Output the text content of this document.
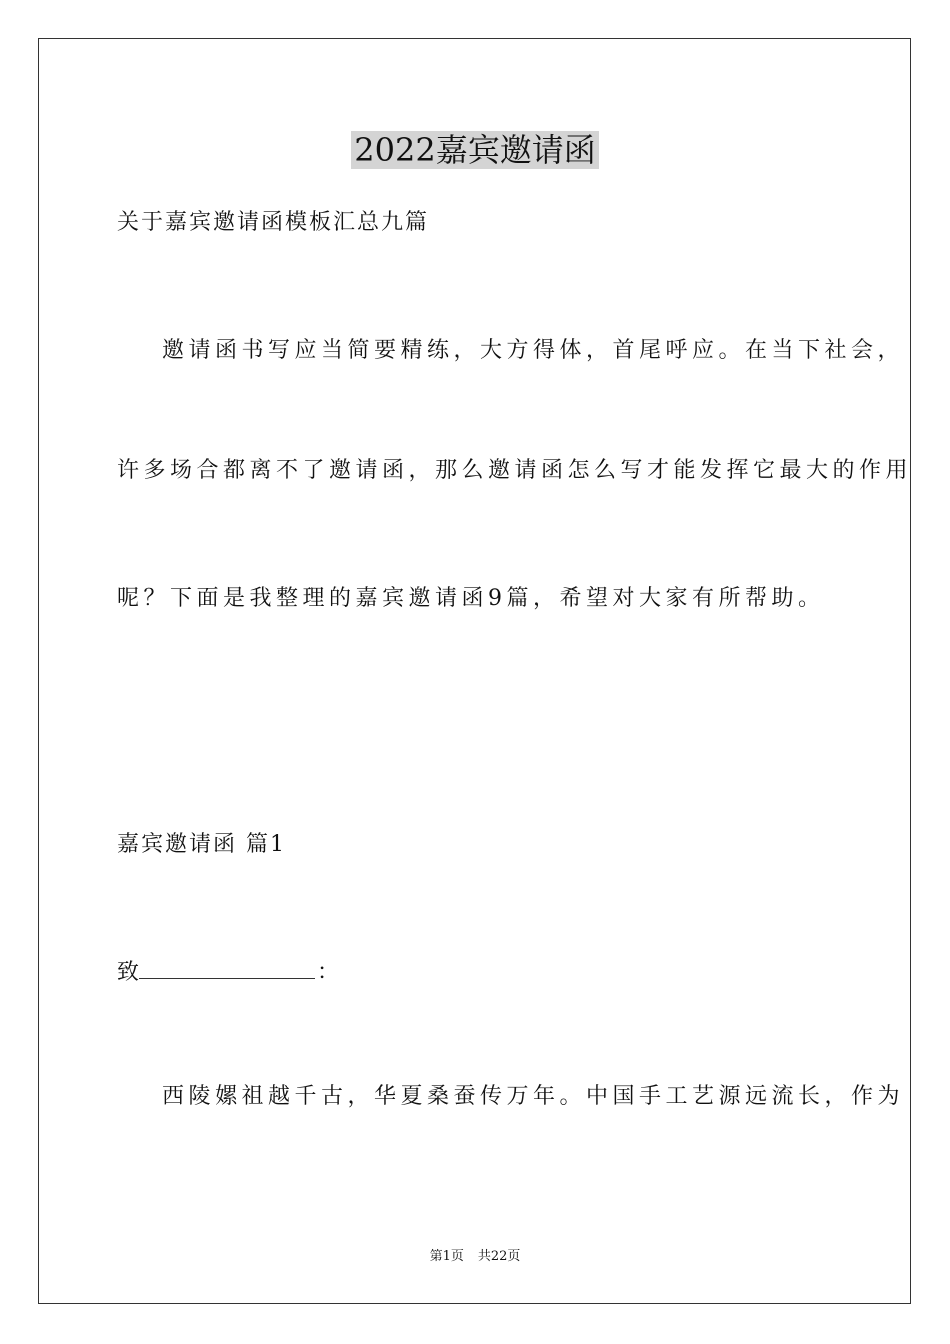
2022嘉宾邀请函

关于嘉宾邀请函模板汇总九篇

邀请函书写应当简要精练，大方得体，首尾呼应。在当下社会，

许多场合都离不了邀请函，那么邀请函怎么写才能发挥它最大的作用

呢？下面是我整理的嘉宾邀请函9篇，希望对大家有所帮助。

嘉宾邀请函 篇1

致	：

西陵嫘祖越千古，华夏桑蚕传万年。中国手工艺源远流长，作为

第1页 共22页
